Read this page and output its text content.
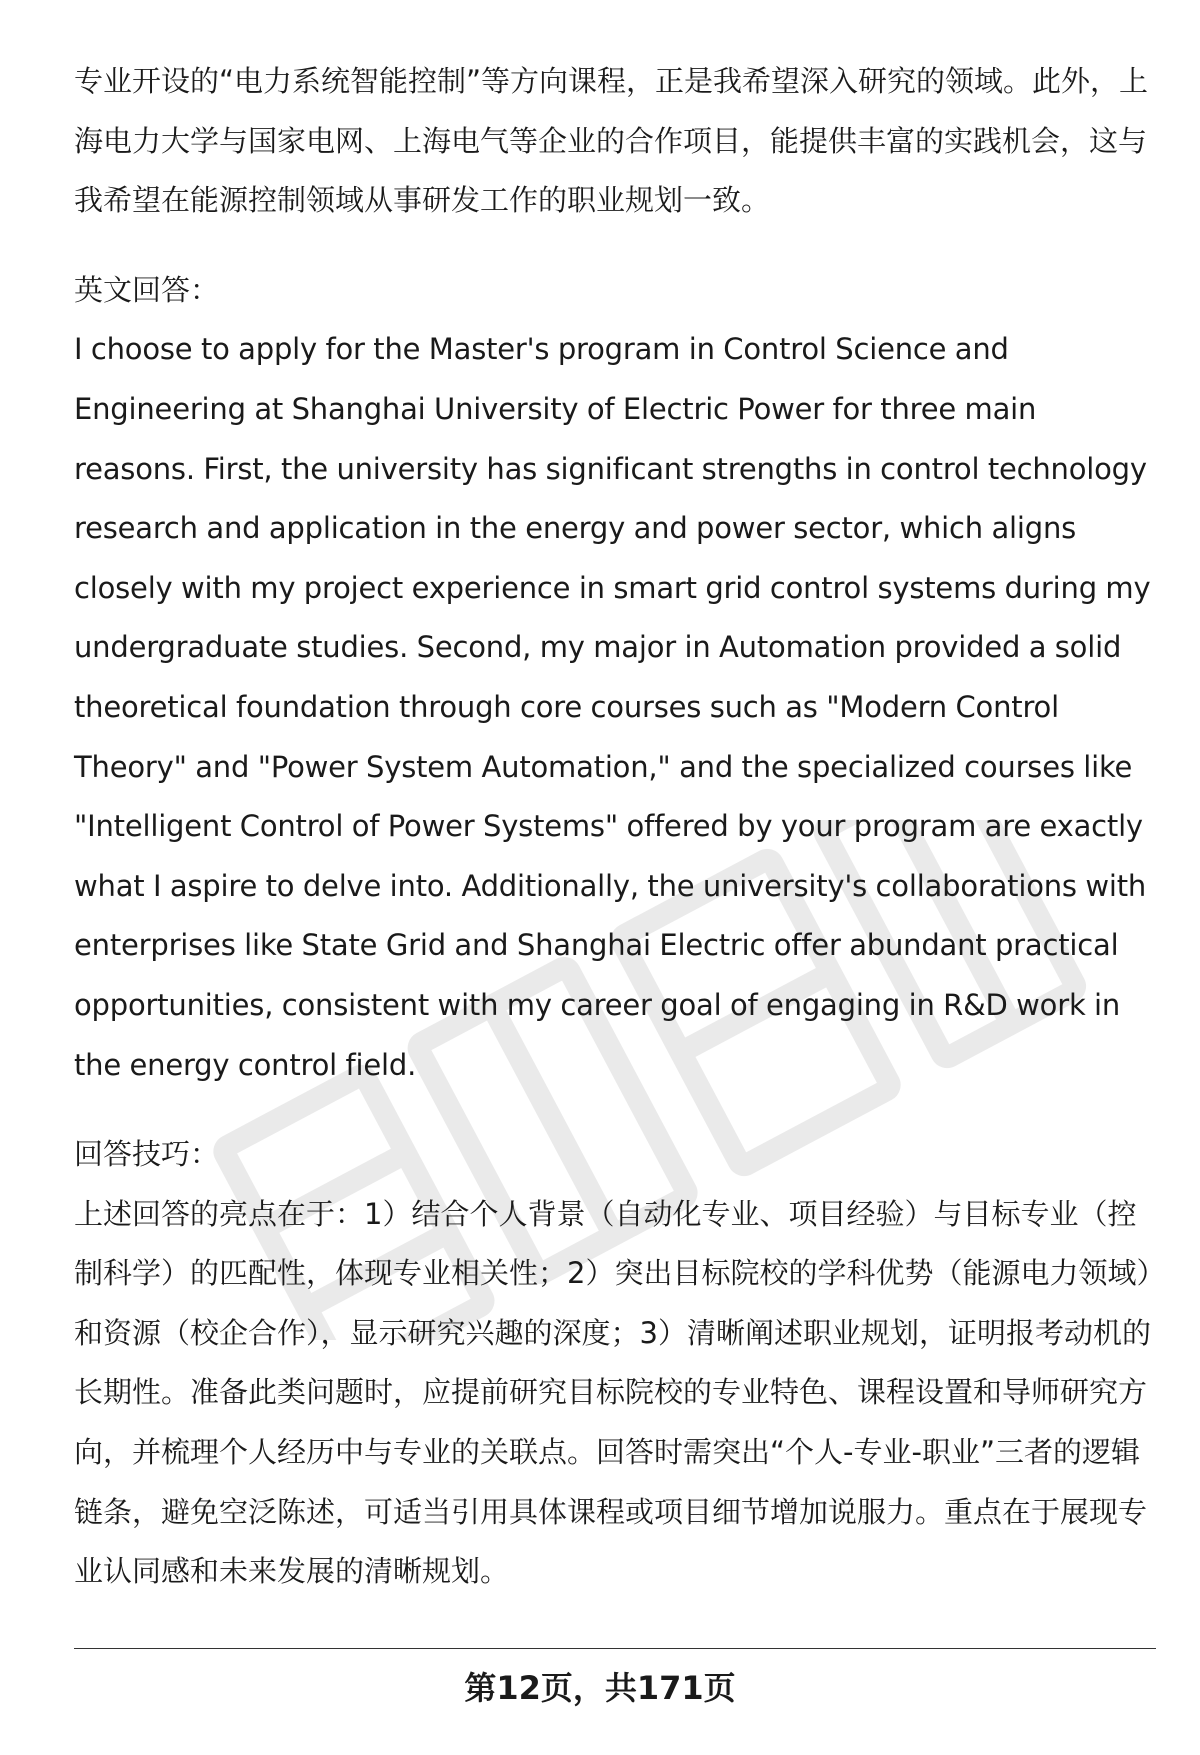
专业开设的“电力系统智能控制”等方向课程，正是我希望深入研究的领域。此外，上海电力大学与国家电网、上海电气等企业的合作项目，能提供丰富的实践机会，这与我希望在能源控制领域从事研发工作的职业规划一致。

英文回答：

I choose to apply for the Master's program in Control Science and Engineering at Shanghai University of Electric Power for three main reasons. First, the university has significant strengths in control technology research and application in the energy and power sector, which aligns closely with my project experience in smart grid control systems during my undergraduate studies. Second, my major in Automation provided a solid theoretical foundation through core courses such as "Modern Control Theory" and "Power System Automation," and the specialized courses like "Intelligent Control of Power Systems" offered by your program are exactly what I aspire to delve into. Additionally, the university's collaborations with enterprises like State Grid and Shanghai Electric offer abundant practical opportunities, consistent with my career goal of engaging in R&D work in the energy control field.

回答技巧：

上述回答的亮点在于：1）结合个人背景（自动化专业、项目经验）与目标专业（控制科学）的匹配性，体现专业相关性；2）突出目标院校的学科优势（能源电力领域）和资源（校企合作），显示研究兴趣的深度；3）清晰阐述职业规划，证明报考动机的长期性。准备此类问题时，应提前研究目标院校的专业特色、课程设置和导师研究方向，并梳理个人经历中与专业的关联点。回答时需突出“个人-专业-职业”三者的逻辑链条，避免空泛陈述，可适当引用具体课程或项目细节增加说服力。重点在于展现专业认同感和未来发展的清晰规划。

第12页，共171页
